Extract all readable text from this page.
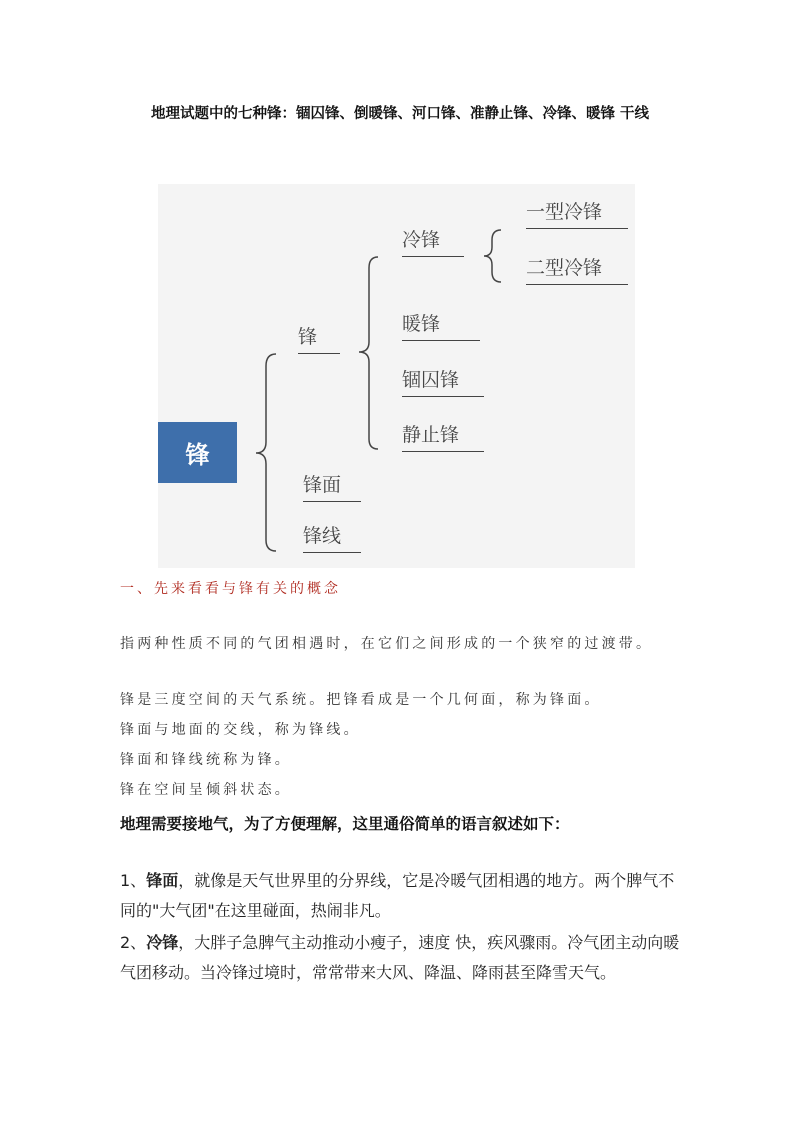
地理试题中的七种锋：锢囚锋、倒暖锋、河口锋、准静止锋、冷锋、暖锋 干线
锋
锋
锋面
锋线
冷锋
暖锋
锢囚锋
静止锋
一型冷锋
二型冷锋
一、先来看看与锋有关的概念
指两种性质不同的气团相遇时，在它们之间形成的一个狭窄的过渡带。
锋是三度空间的天气系统。把锋看成是一个几何面，称为锋面。
锋面与地面的交线，称为锋线。
锋面和锋线统称为锋。
锋在空间呈倾斜状态。
地理需要接地气，为了方便理解，这里通俗简单的语言叙述如下：
1、锋面，就像是天气世界里的分界线，它是冷暖气团相遇的地方。两个脾气不同的"大气团"在这里碰面，热闹非凡。
2、冷锋，大胖子急脾气主动推动小瘦子，速度 快，疾风骤雨。冷气团主动向暖气团移动。当冷锋过境时，常常带来大风、降温、降雨甚至降雪天气。
